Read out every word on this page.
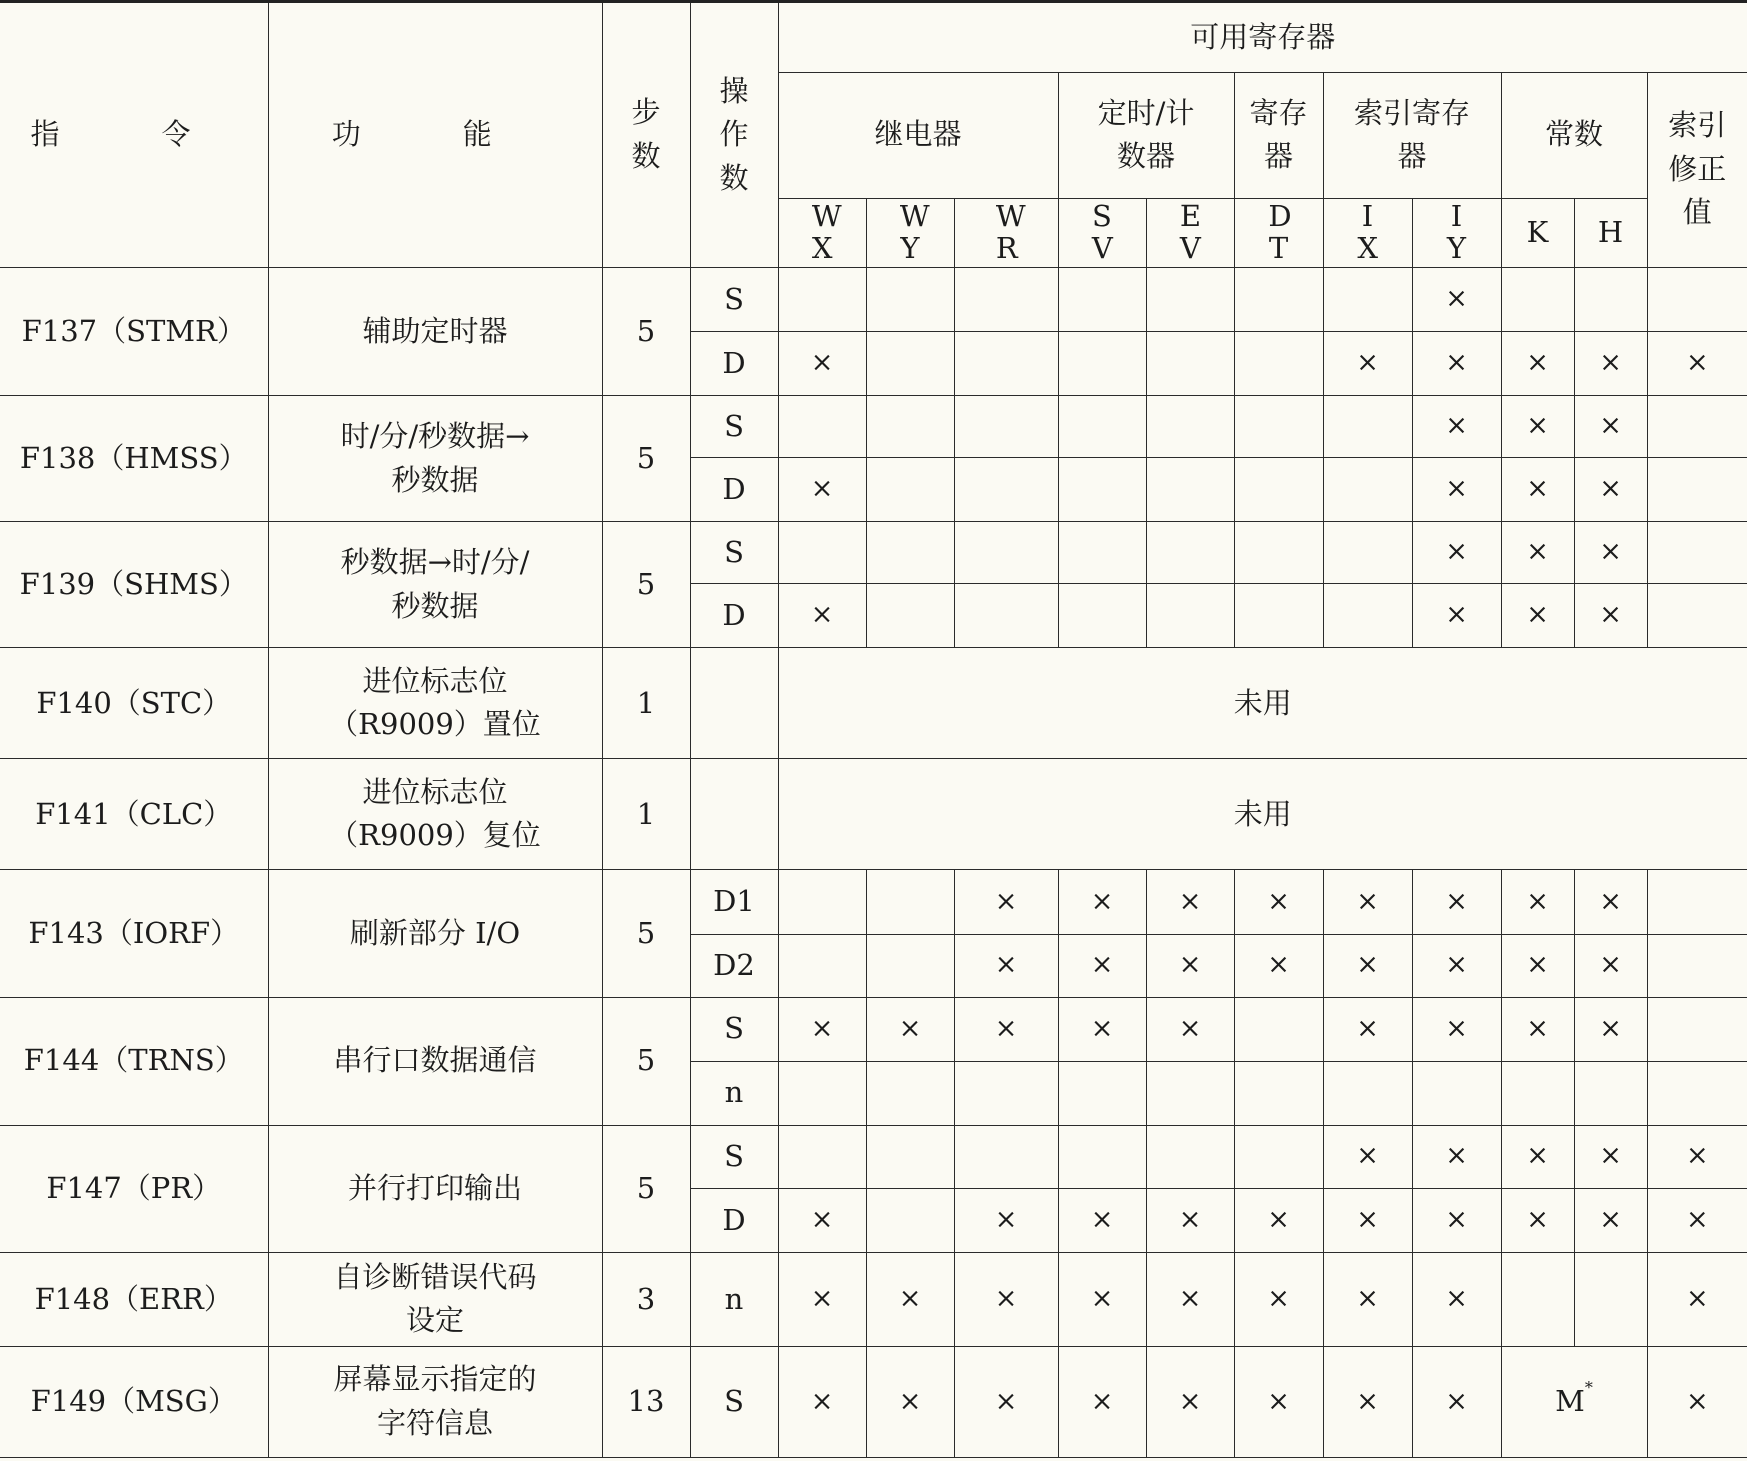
指 令	功 能	步数	操作数	可用寄存器										
				继电器			定时/计数器		寄存器	索引寄存器		常数		索引修正值

				WX	WY	WR	SV	EV	DT	IX	IY	K	H	

F137（STMR）	辅助定时器	5	S								×			
			D	×						×	×	×	×	×
F138（HMSS）	时/分/秒数据→秒数据	5	S								×	×	×	
			D	×							×	×	×	
F139（SHMS）	秒数据→时/分/秒数据	5	S								×	×	×	
			D	×							×	×	×	
F140（STC）	进位标志位（R9009）置位	1		未用										
F141（CLC）	进位标志位（R9009）复位	1		未用										
F143（IORF）	刷新部分 I/O	5	D1			×	×	×	×	×	×	×	×	
			D2			×	×	×	×	×	×	×	×	
F144（TRNS）	串行口数据通信	5	S	×	×	×	×	×		×	×	×	×	
			n											
F147（PR）	并行打印输出	5	S							×	×	×	×	×
			D	×		×	×	×	×	×	×	×	×	×
F148（ERR）	自诊断错误代码设定	3	n	×	×	×	×	×	×	×	×			×
F149（MSG）	屏幕显示指定的字符信息	13	S	×	×	×	×	×	×	×	×	M*		×
